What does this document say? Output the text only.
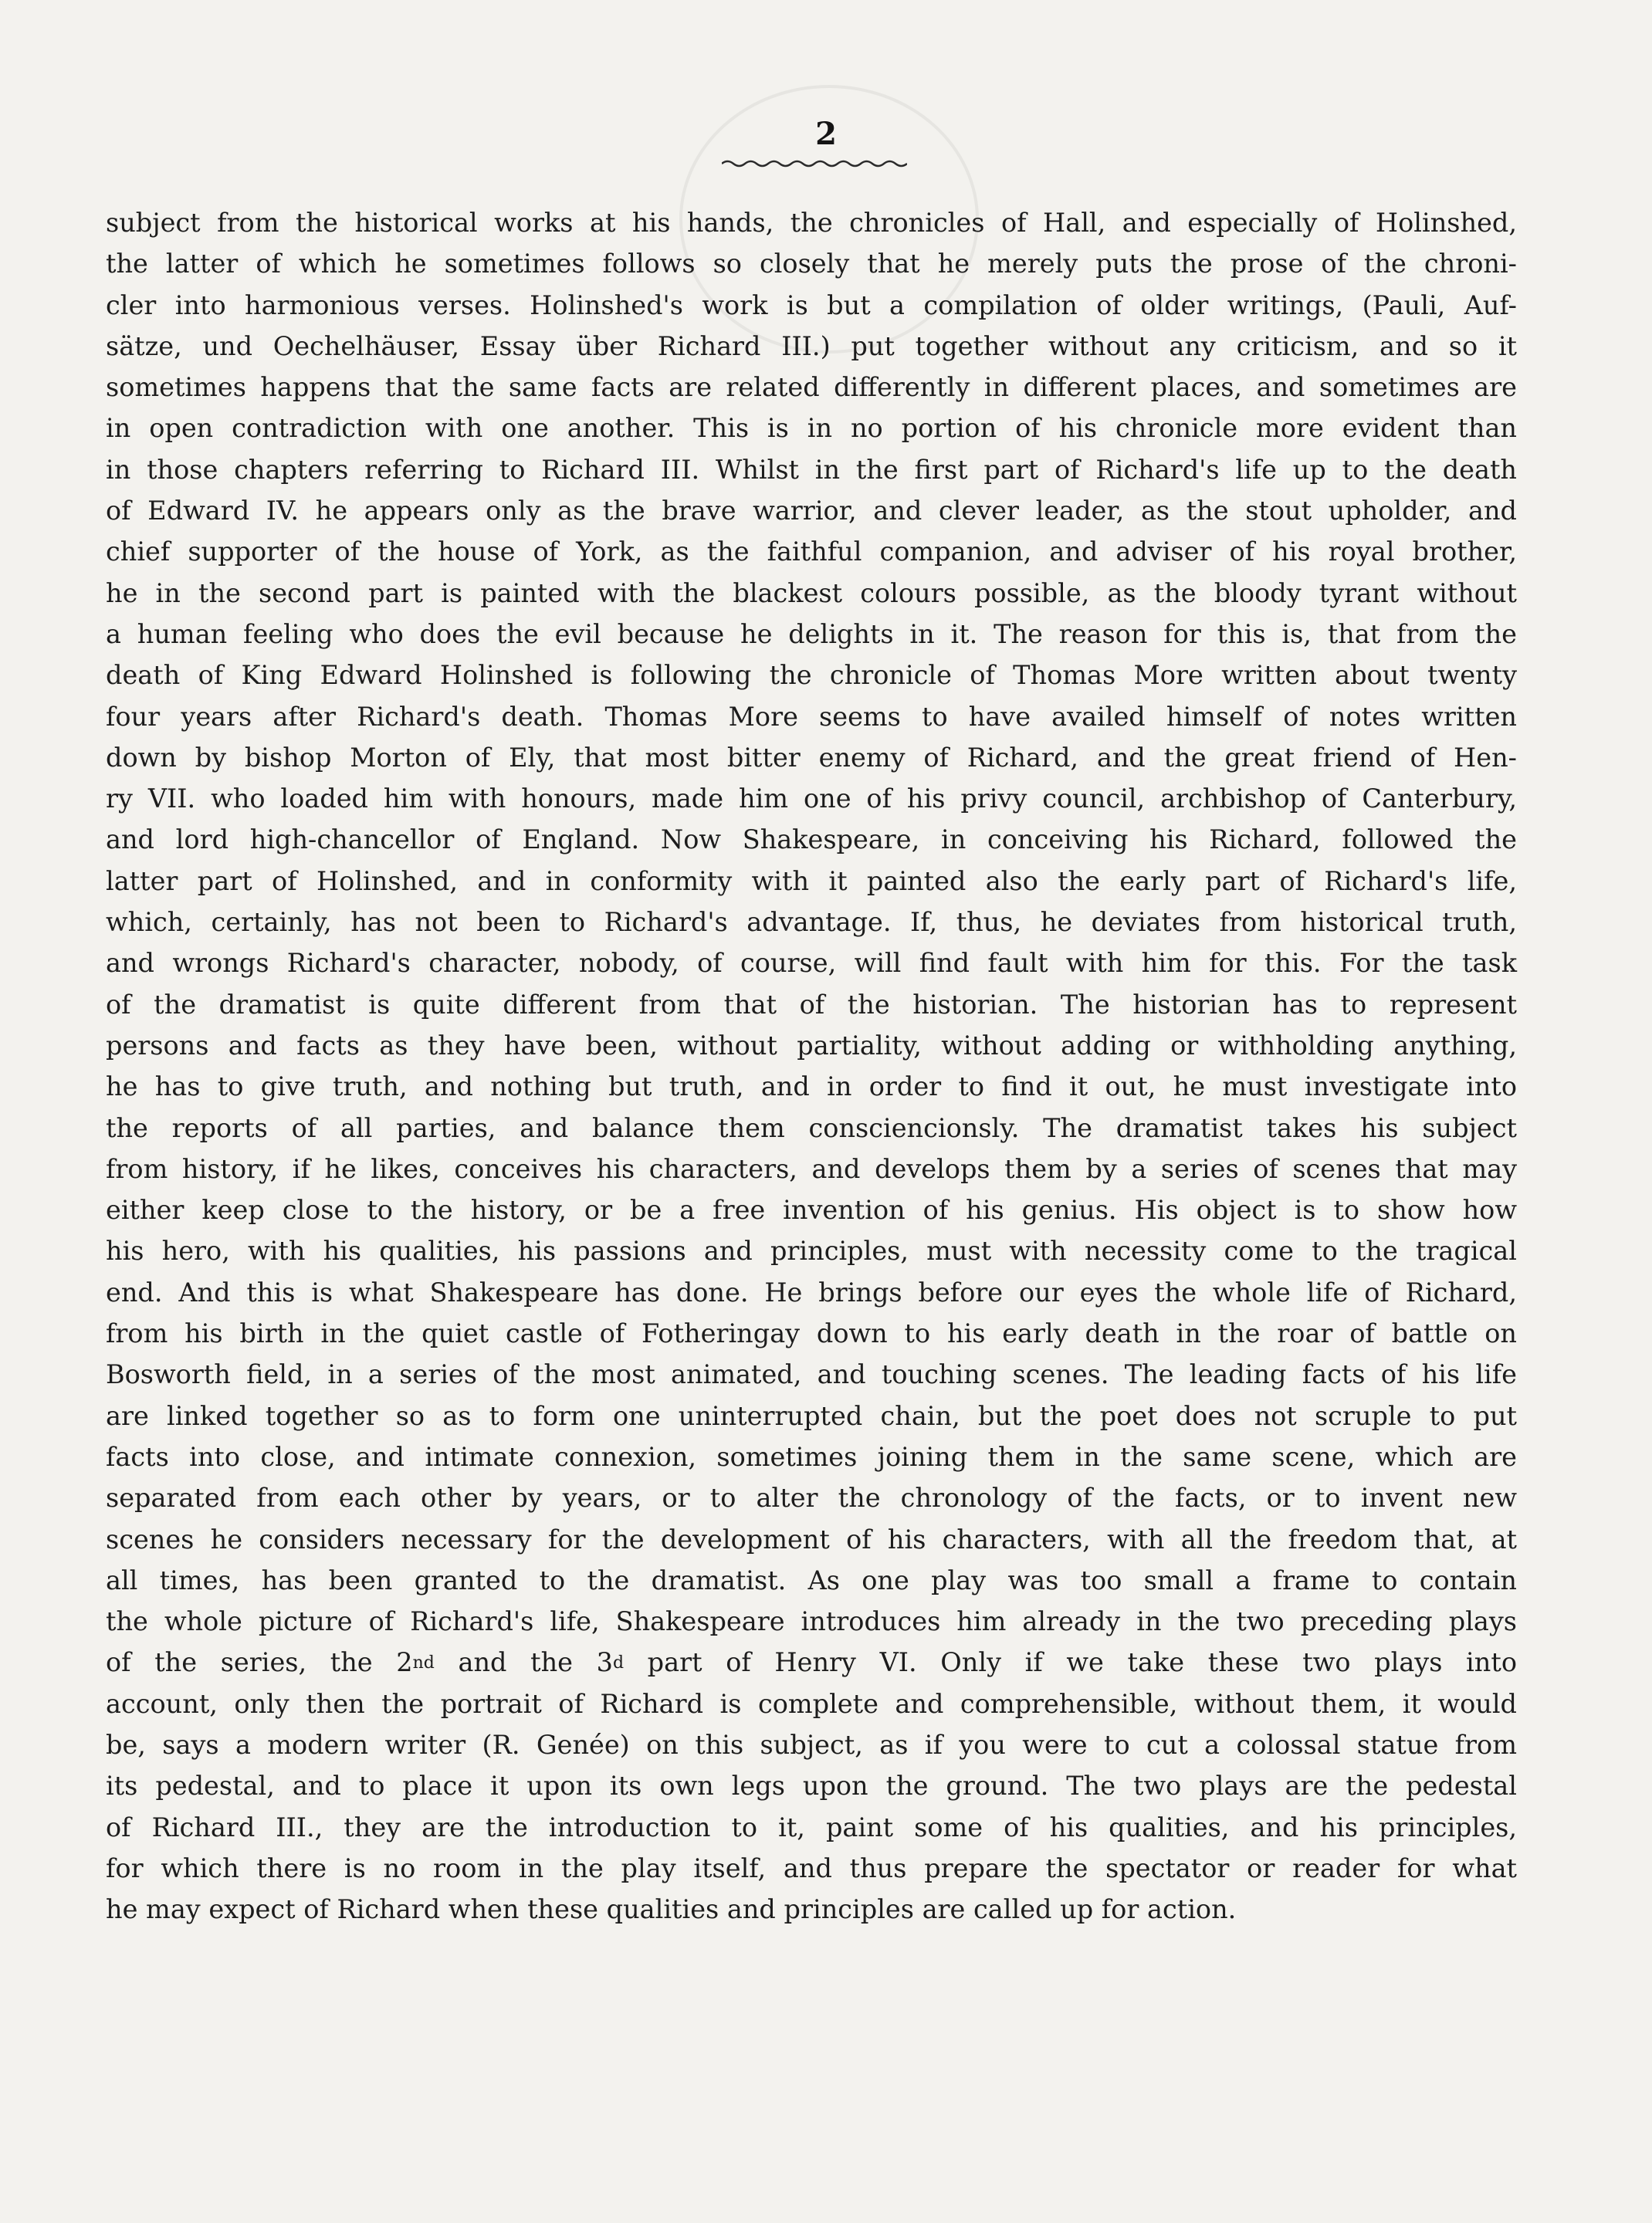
2
subject from the historical works at his hands, the chronicles of Hall, and especially of Holinshed,
the latter of which he sometimes follows so closely that he merely puts the prose of the chroni-
cler into harmonious verses. Holinshed's work is but a compilation of older writings, (Pauli, Auf-
sätze, und Oechelhäuser, Essay über Richard III.) put together without any criticism, and so it
sometimes happens that the same facts are related differently in different places, and sometimes are
in open contradiction with one another. This is in no portion of his chronicle more evident than
in those chapters referring to Richard III. Whilst in the first part of Richard's life up to the death
of Edward IV. he appears only as the brave warrior, and clever leader, as the stout upholder, and
chief supporter of the house of York, as the faithful companion, and adviser of his royal brother,
he in the second part is painted with the blackest colours possible, as the bloody tyrant without
a human feeling who does the evil because he delights in it. The reason for this is, that from the
death of King Edward Holinshed is following the chronicle of Thomas More written about twenty
four years after Richard's death. Thomas More seems to have availed himself of notes written
down by bishop Morton of Ely, that most bitter enemy of Richard, and the great friend of Hen-
ry VII. who loaded him with honours, made him one of his privy council, archbishop of Canterbury,
and lord high-chancellor of England. Now Shakespeare, in conceiving his Richard, followed the
latter part of Holinshed, and in conformity with it painted also the early part of Richard's life,
which, certainly, has not been to Richard's advantage. If, thus, he deviates from historical truth,
and wrongs Richard's character, nobody, of course, will find fault with him for this. For the task
of the dramatist is quite different from that of the historian. The historian has to represent
persons and facts as they have been, without partiality, without adding or withholding anything,
he has to give truth, and nothing but truth, and in order to find it out, he must investigate into
the reports of all parties, and balance them consciencionsly. The dramatist takes his subject
from history, if he likes, conceives his characters, and develops them by a series of scenes that may
either keep close to the history, or be a free invention of his genius. His object is to show how
his hero, with his qualities, his passions and principles, must with necessity come to the tragical
end. And this is what Shakespeare has done. He brings before our eyes the whole life of Richard,
from his birth in the quiet castle of Fotheringay down to his early death in the roar of battle on
Bosworth field, in a series of the most animated, and touching scenes. The leading facts of his life
are linked together so as to form one uninterrupted chain, but the poet does not scruple to put
facts into close, and intimate connexion, sometimes joining them in the same scene, which are
separated from each other by years, or to alter the chronology of the facts, or to invent new
scenes he considers necessary for the development of his characters, with all the freedom that, at
all times, has been granted to the dramatist. As one play was too small a frame to contain
the whole picture of Richard's life, Shakespeare introduces him already in the two preceding plays
of the series, the 2nd and the 3$^d$ part of Henry VI. Only if we take these two plays into
account, only then the portrait of Richard is complete and comprehensible, without them, it would
be, says a modern writer (R. Genée) on this subject, as if you were to cut a colossal statue from
its pedestal, and to place it upon its own legs upon the ground. The two plays are the pedestal
of Richard III., they are the introduction to it, paint some of his qualities, and his principles,
for which there is no room in the play itself, and thus prepare the spectator or reader for what
he may expect of Richard when these qualities and principles are called up for action.
